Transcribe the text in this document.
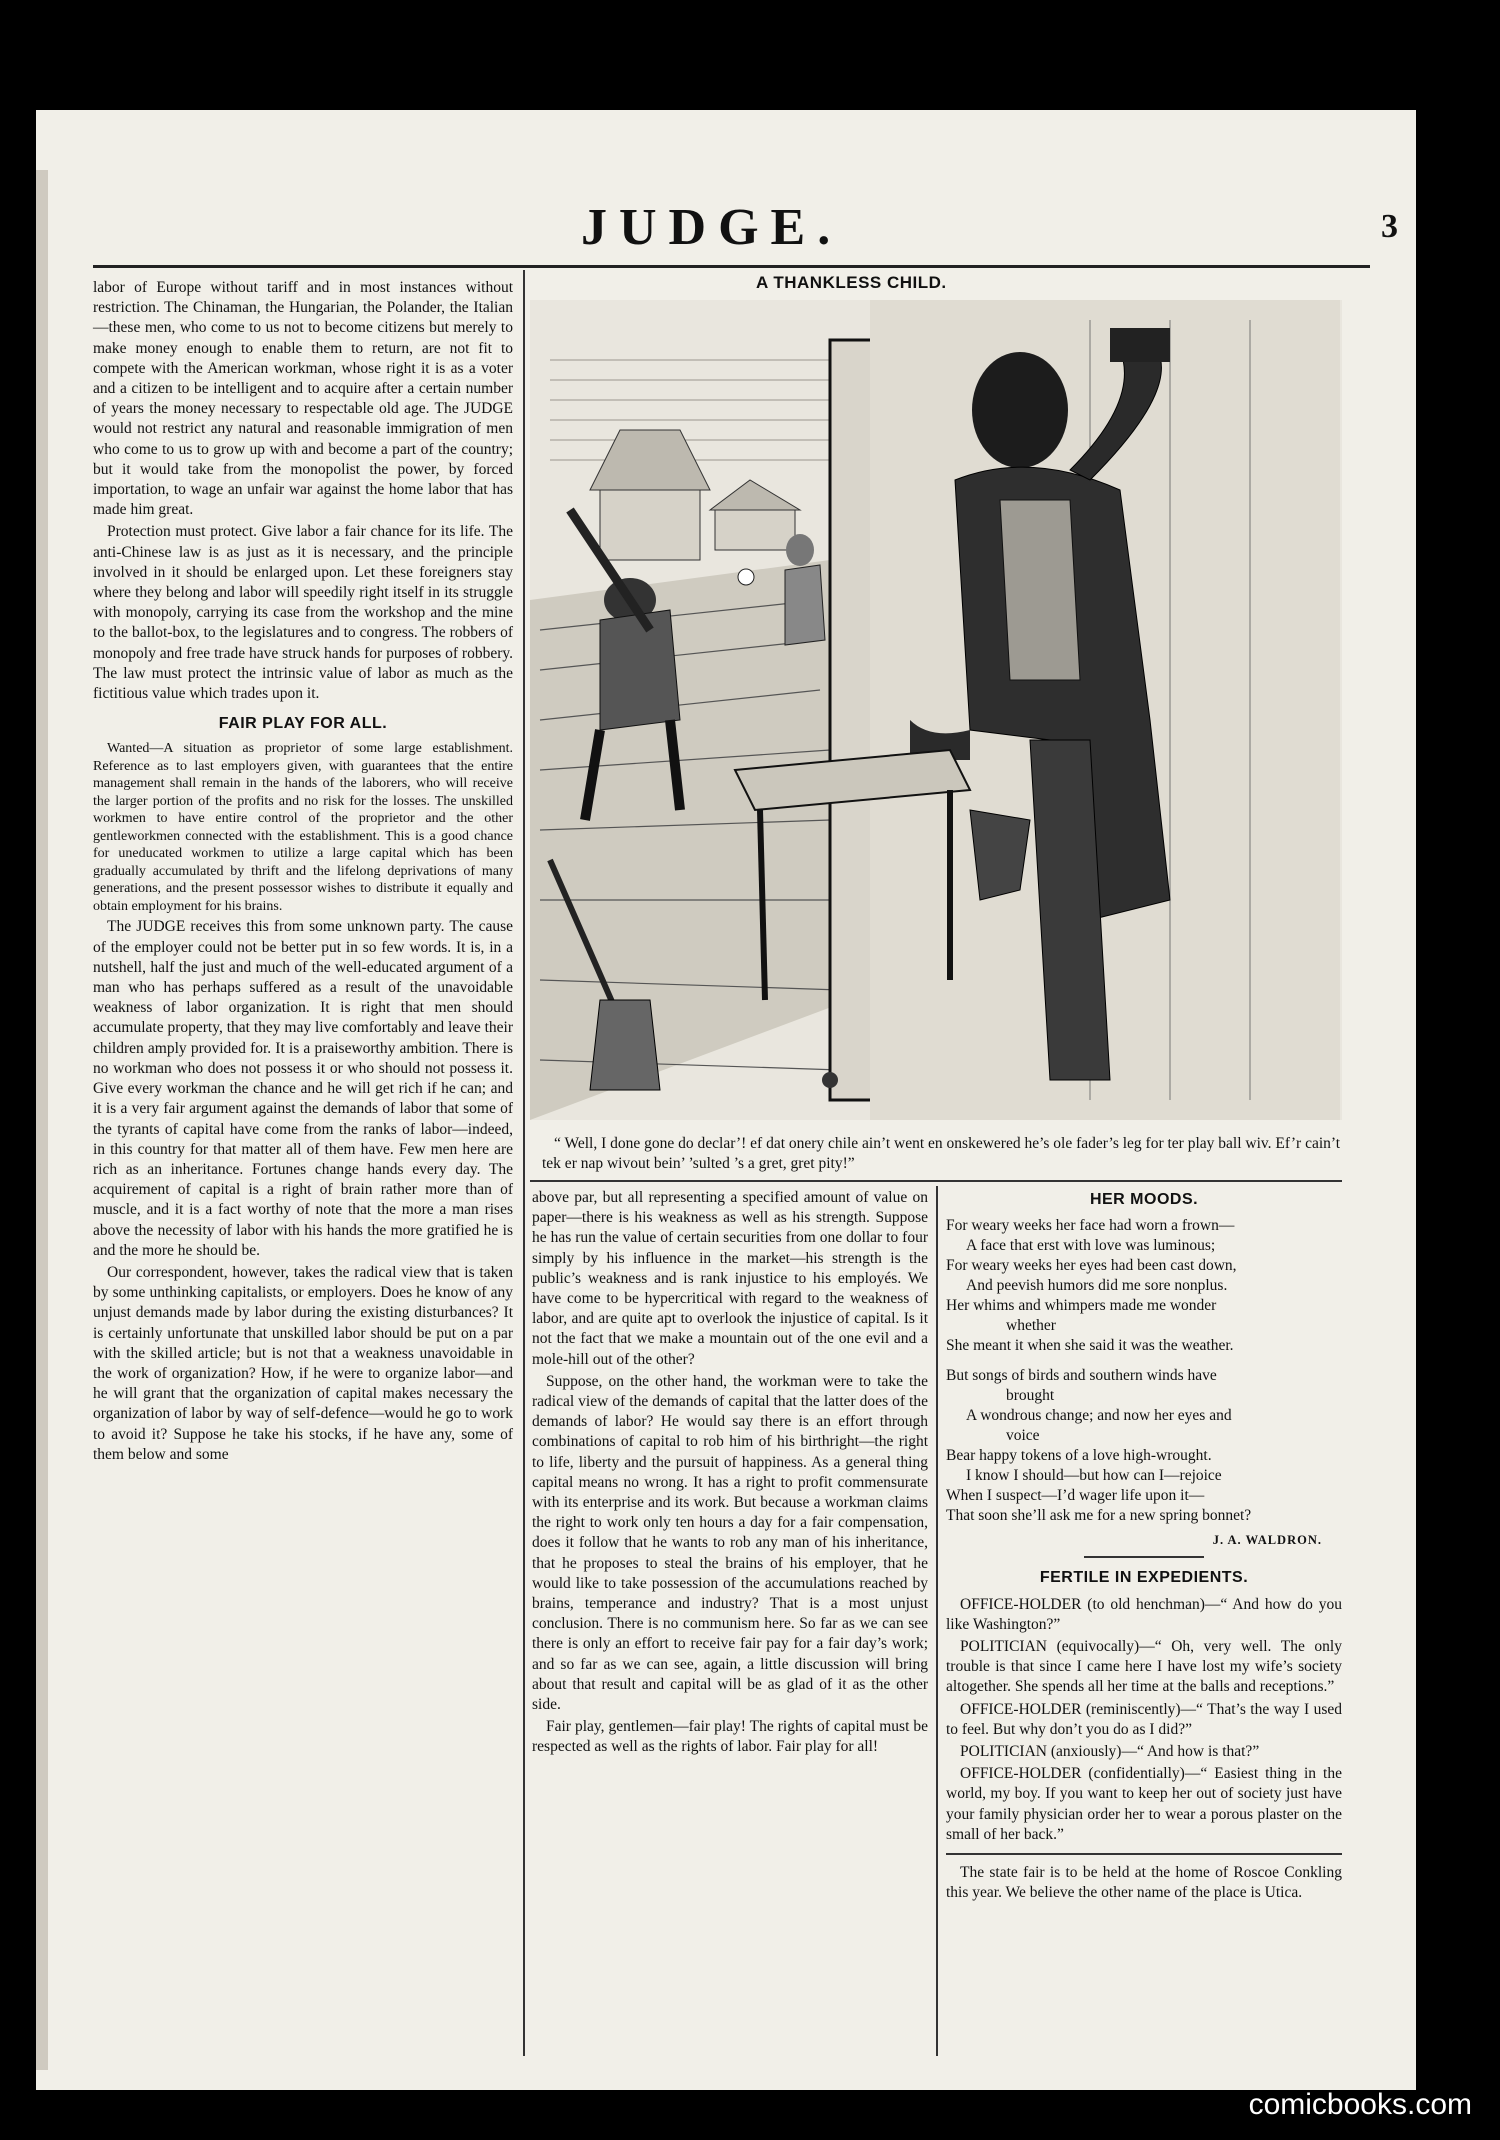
JUDGE.	3

labor of Europe without tariff and in most instances without restriction. The Chinaman, the Hungarian, the Polander, the Italian—these men, who come to us not to become citizens but merely to make money enough to enable them to return, are not fit to compete with the American workman, whose right it is as a voter and a citizen to be intelligent and to acquire after a certain number of years the money necessary to respectable old age. The JUDGE would not restrict any natural and reasonable immigration of men who come to us to grow up with and become a part of the country; but it would take from the monopolist the power, by forced importation, to wage an unfair war against the home labor that has made him great.

Protection must protect. Give labor a fair chance for its life. The anti-Chinese law is as just as it is necessary, and the principle involved in it should be enlarged upon. Let these foreigners stay where they belong and labor will speedily right itself in its struggle with monopoly, carrying its case from the workshop and the mine to the ballot-box, to the legislatures and to congress. The robbers of monopoly and free trade have struck hands for purposes of robbery. The law must protect the intrinsic value of labor as much as the fictitious value which trades upon it.

FAIR PLAY FOR ALL.

Wanted—A situation as proprietor of some large establishment. Reference as to last employers given, with guarantees that the entire management shall remain in the hands of the laborers, who will receive the larger portion of the profits and no risk for the losses. The unskilled workmen to have entire control of the proprietor and the other gentleworkmen connected with the establishment. This is a good chance for uneducated workmen to utilize a large capital which has been gradually accumulated by thrift and the lifelong deprivations of many generations, and the present possessor wishes to distribute it equally and obtain employment for his brains.

The JUDGE receives this from some unknown party. The cause of the employer could not be better put in so few words. It is, in a nutshell, half the just and much of the well-educated argument of a man who has perhaps suffered as a result of the unavoidable weakness of labor organization. It is right that men should accumulate property, that they may live comfortably and leave their children amply provided for. It is a praiseworthy ambition. There is no workman who does not possess it or who should not possess it. Give every workman the chance and he will get rich if he can; and it is a very fair argument against the demands of labor that some of the tyrants of capital have come from the ranks of labor—indeed, in this country for that matter all of them have. Few men here are rich as an inheritance. Fortunes change hands every day. The acquirement of capital is a right of brain rather more than of muscle, and it is a fact worthy of note that the more a man rises above the necessity of labor with his hands the more gratified he is and the more he should be.

Our correspondent, however, takes the radical view that is taken by some unthinking capitalists, or employers. Does he know of any unjust demands made by labor during the existing disturbances? It is certainly unfortunate that unskilled labor should be put on a par with the skilled article; but is not that a weakness unavoidable in the work of organization? How, if he were to organize labor—and he will grant that the organization of capital makes necessary the organization of labor by way of self-defence—would he go to work to avoid it? Suppose he take his stocks, if he have any, some of them below and some

A THANKLESS CHILD.
“ Well, I done gone do declar’! ef dat onery chile ain’t went en onskewered he’s ole fader’s leg for ter play ball wiv. Ef’r cain’t tek er nap wivout bein’ ’sulted ’s a gret, gret pity!”

above par, but all representing a specified amount of value on paper—there is his weakness as well as his strength. Suppose he has run the value of certain securities from one dollar to four simply by his influence in the market—his strength is the public’s weakness and is rank injustice to his employés. We have come to be hypercritical with regard to the weakness of labor, and are quite apt to overlook the injustice of capital. Is it not the fact that we make a mountain out of the one evil and a mole-hill out of the other?

Suppose, on the other hand, the workman were to take the radical view of the demands of capital that the latter does of the demands of labor? He would say there is an effort through combinations of capital to rob him of his birthright—the right to life, liberty and the pursuit of happiness. As a general thing capital means no wrong. It has a right to profit commensurate with its enterprise and its work. But because a workman claims the right to work only ten hours a day for a fair compensation, does it follow that he wants to rob any man of his inheritance, that he proposes to steal the brains of his employer, that he would like to take possession of the accumulations reached by brains, temperance and industry? That is a most unjust conclusion. There is no communism here. So far as we can see there is only an effort to receive fair pay for a fair day’s work; and so far as we can see, again, a little discussion will bring about that result and capital will be as glad of it as the other side.

Fair play, gentlemen—fair play! The rights of capital must be respected as well as the rights of labor. Fair play for all!

HER MOODS.
For weary weeks her face had worn a frown—
A face that erst with love was luminous;
For weary weeks her eyes had been cast down,
And peevish humors did me sore nonplus.
Her whims and whimpers made me wonder
whether
She meant it when she said it was the weather.
But songs of birds and southern winds have
brought
A wondrous change; and now her eyes and
voice
Bear happy tokens of a love high-wrought.
I know I should—but how can I—rejoice
When I suspect—I’d wager life upon it—
That soon she’ll ask me for a new spring bonnet?
J. A. WALDRON.
FERTILE IN EXPEDIENTS.

OFFICE-HOLDER (to old henchman)—“ And how do you like Washington?”

POLITICIAN (equivocally)—“ Oh, very well. The only trouble is that since I came here I have lost my wife’s society altogether. She spends all her time at the balls and receptions.”

OFFICE-HOLDER (reminiscently)—“ That’s the way I used to feel. But why don’t you do as I did?”

POLITICIAN (anxiously)—“ And how is that?”

OFFICE-HOLDER (confidentially)—“ Easiest thing in the world, my boy. If you want to keep her out of society just have your family physician order her to wear a porous plaster on the small of her back.”

The state fair is to be held at the home of Roscoe Conkling this year. We believe the other name of the place is Utica.

comicbooks.com
